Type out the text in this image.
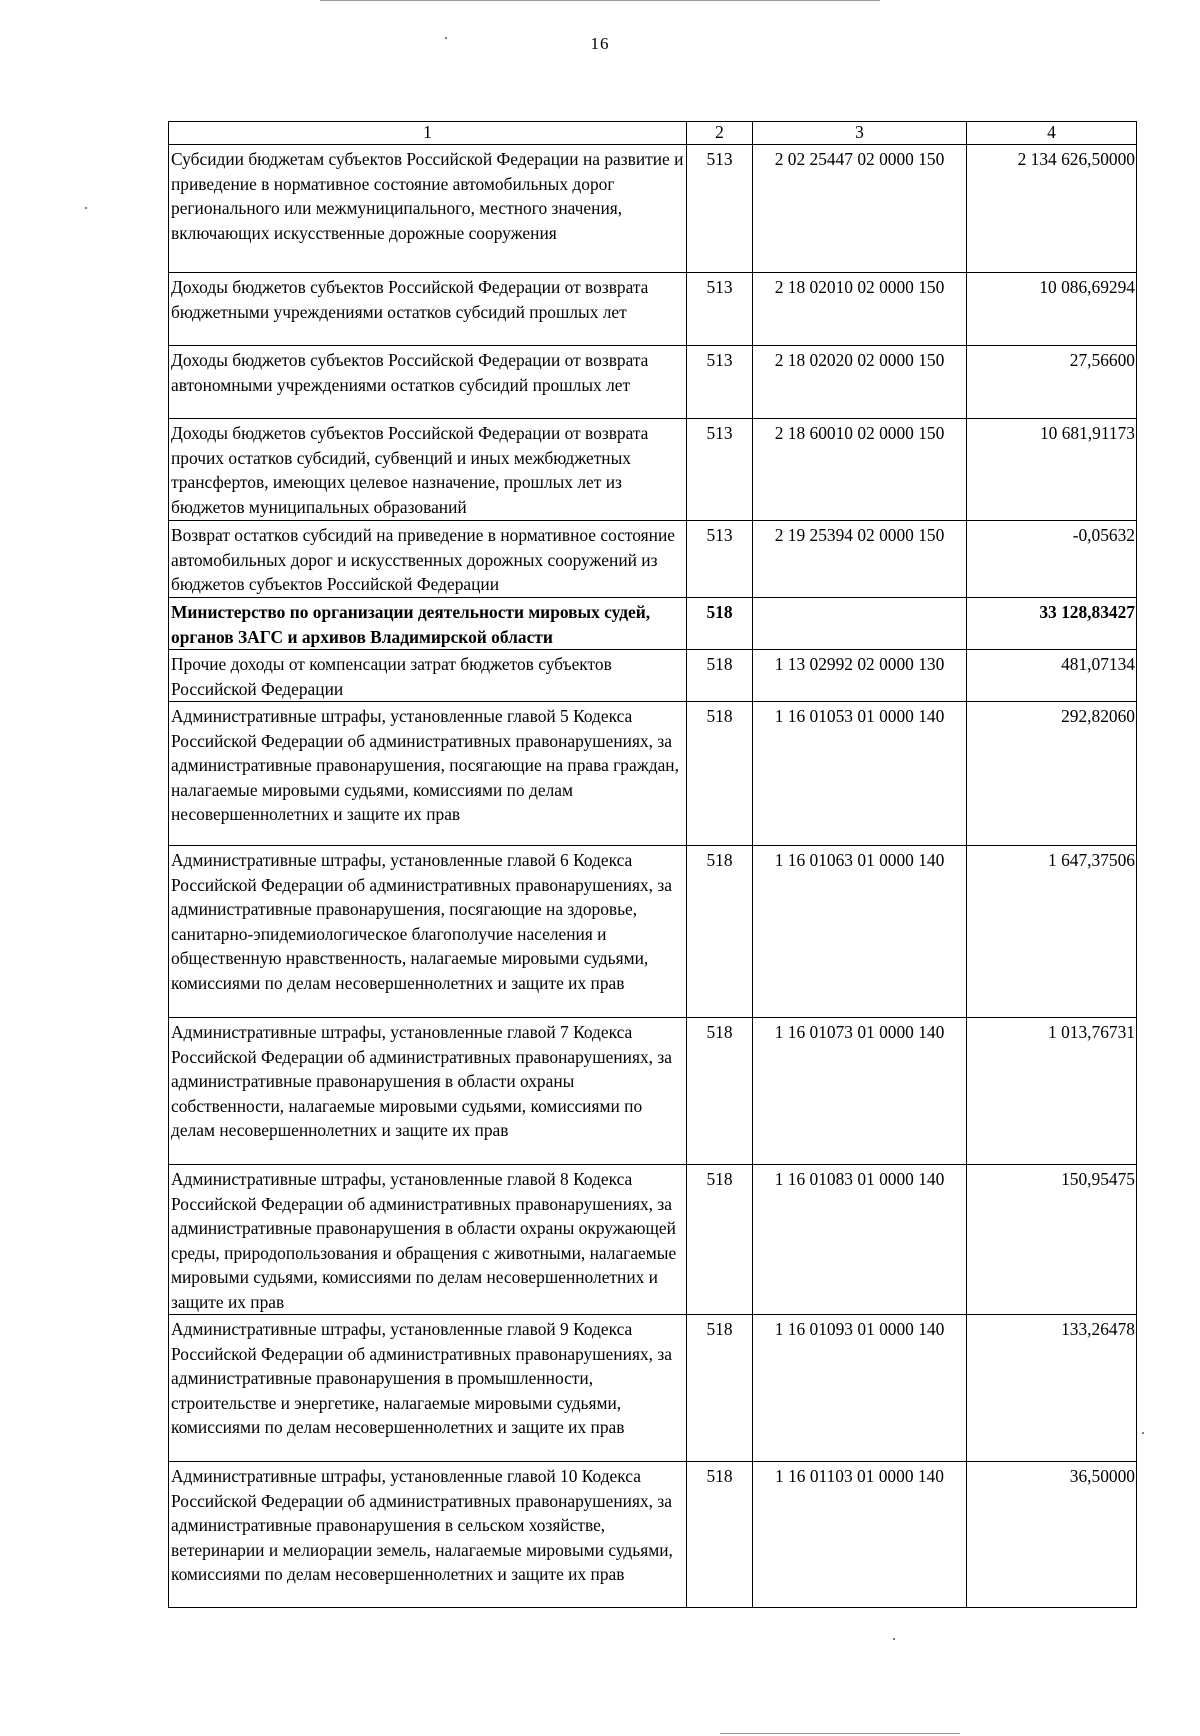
16
1	2	3	4
Субсидии бюджетам субъектов Российской Федерации на развитие и приведение в нормативное состояние автомобильных дорог регионального или межмуниципального, местного значения, включающих искусственные дорожные сооружения	513	2 02 25447 02 0000 150	2 134 626,50000
Доходы бюджетов субъектов Российской Федерации от возврата бюджетными учреждениями остатков субсидий прошлых лет	513	2 18 02010 02 0000 150	10 086,69294
Доходы бюджетов субъектов Российской Федерации от возврата автономными учреждениями остатков субсидий прошлых лет	513	2 18 02020 02 0000 150	27,56600
Доходы бюджетов субъектов Российской Федерации от возврата прочих остатков субсидий, субвенций и иных межбюджетных трансфертов, имеющих целевое назначение, прошлых лет из бюджетов муниципальных образований	513	2 18 60010 02 0000 150	10 681,91173
Возврат остатков субсидий на приведение в нормативное состояние автомобильных дорог и искусственных дорожных сооружений из бюджетов субъектов Российской Федерации	513	2 19 25394 02 0000 150	-0,05632
Министерство по организации деятельности мировых судей, органов ЗАГС и архивов Владимирской области	518		33 128,83427
Прочие доходы от компенсации затрат бюджетов субъектов Российской Федерации	518	1 13 02992 02 0000 130	481,07134
Административные штрафы, установленные главой 5 Кодекса Российской Федерации об административных правонарушениях, за административные правонарушения, посягающие на права граждан, налагаемые мировыми судьями, комиссиями по делам несовершеннолетних и защите их прав	518	1 16 01053 01 0000 140	292,82060
Административные штрафы, установленные главой 6 Кодекса Российской Федерации об административных правонарушениях, за административные правонарушения, посягающие на здоровье, санитарно-эпидемиологическое благополучие населения и общественную нравственность, налагаемые мировыми судьями, комиссиями по делам несовершеннолетних и защите их прав	518	1 16 01063 01 0000 140	1 647,37506
Административные штрафы, установленные главой 7 Кодекса Российской Федерации об административных правонарушениях, за административные правонарушения в области охраны собственности, налагаемые мировыми судьями, комиссиями по делам несовершеннолетних и защите их прав	518	1 16 01073 01 0000 140	1 013,76731
Административные штрафы, установленные главой 8 Кодекса Российской Федерации об административных правонарушениях, за административные правонарушения в области охраны окружающей среды, природопользования и обращения с животными, налагаемые мировыми судьями, комиссиями по делам несовершеннолетних и защите их прав	518	1 16 01083 01 0000 140	150,95475
Административные штрафы, установленные главой 9 Кодекса Российской Федерации об административных правонарушениях, за административные правонарушения в промышленности, строительстве и энергетике, налагаемые мировыми судьями, комиссиями по делам несовершеннолетних и защите их прав	518	1 16 01093 01 0000 140	133,26478
Административные штрафы, установленные главой 10 Кодекса Российской Федерации об административных правонарушениях, за административные правонарушения в сельском хозяйстве, ветеринарии и мелиорации земель, налагаемые мировыми судьями, комиссиями по делам несовершеннолетних и защите их прав	518	1 16 01103 01 0000 140	36,50000
